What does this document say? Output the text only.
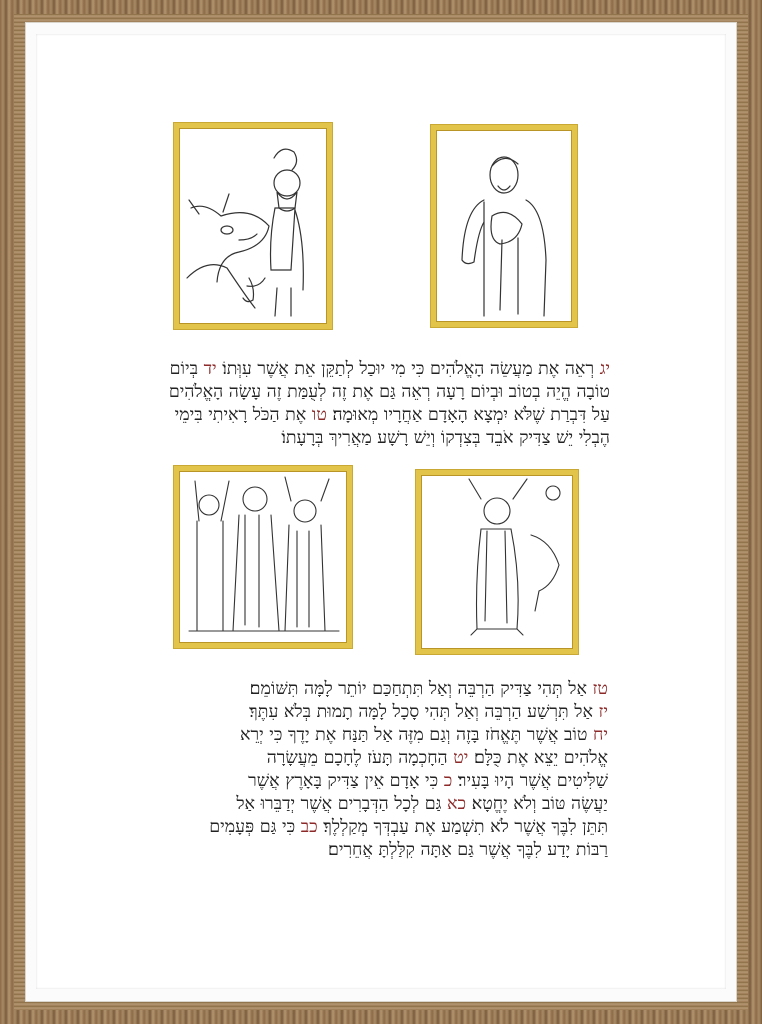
יג רְאֵה אֶת מַעֲשֵׂה הָאֱלֹהִים כִּי מִי יוּכַל לְתַקֵּן אֵת אֲשֶׁר עִוְּתוֹ׃ יד בְּיוֹם
טוֹבָה הֱיֵה בְטוֹב וּבְיוֹם רָעָה רְאֵה גַּם אֶת זֶה לְעֻמַּת זֶה עָשָׂה הָאֱלֹהִים
עַל דִּבְרַת שֶׁלֹּא יִמְצָא הָאָדָם אַחֲרָיו מְאוּמָה׃ טו אֶת הַכֹּל רָאִיתִי בִּימֵי
הֶבְלִי יֵשׁ צַדִּיק אֹבֵד בְּצִדְקוֹ וְיֵשׁ רָשָׁע מַאֲרִיךְ בְּרָעָתוֹ׃
טז אַל תְּהִי צַדִּיק הַרְבֵּה וְאַל תִּתְחַכַּם יוֹתֵר לָמָּה תִּשּׁוֹמֵם׃
יז אַל תִּרְשַׁע הַרְבֵּה וְאַל תְּהִי סָכָל לָמָּה תָמוּת בְּלֹא עִתֶּךָ׃
יח טוֹב אֲשֶׁר תֶּאֱחֹז בָּזֶה וְגַם מִזֶּה אַל תַּנַּח אֶת יָדֶךָ כִּי יְרֵא
אֱלֹהִים יֵצֵא אֶת כֻּלָּם׃ יט הַחָכְמָה תָּעֹז לֶחָכָם מֵעֲשָׂרָה
שַׁלִּיטִים אֲשֶׁר הָיוּ בָּעִיר׃ כ כִּי אָדָם אֵין צַדִּיק בָּאָרֶץ אֲשֶׁר
יַעֲשֶׂה טּוֹב וְלֹא יֶחֱטָא׃ כא גַּם לְכָל הַדְּבָרִים אֲשֶׁר יְדַבֵּרוּ אַל
תִּתֵּן לִבֶּךָ אֲשֶׁר לֹא תִשְׁמַע אֶת עַבְדְּךָ מְקַלְלֶךָ׃ כב כִּי גַּם פְּעָמִים
רַבּוֹת יָדַע לִבֶּךָ אֲשֶׁר גַּם אַתָּה קִלַּלְתָּ אֲחֵרִים׃
